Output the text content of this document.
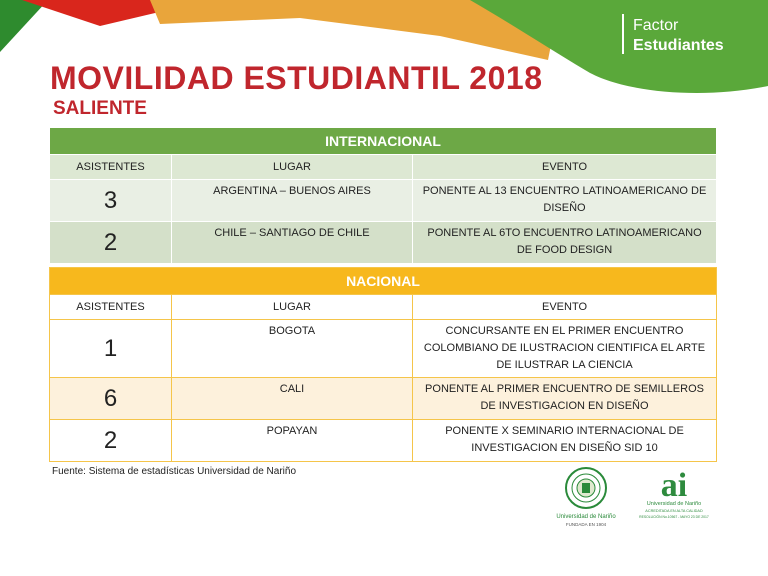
Factor
Estudiantes
MOVILIDAD ESTUDIANTIL 2018
SALIENTE
INTERNACIONAL		
ASISTENTES	LUGAR	EVENTO
3	ARGENTINA – BUENOS AIRES	PONENTE AL 13 ENCUENTRO LATINOAMERICANO DE DISEÑO
2	CHILE – SANTIAGO DE CHILE	PONENTE AL 6TO ENCUENTRO LATINOAMERICANO DE FOOD DESIGN
NACIONAL		
ASISTENTES	LUGAR	EVENTO
1	BOGOTA	CONCURSANTE EN EL PRIMER ENCUENTRO COLOMBIANO DE ILUSTRACION CIENTIFICA EL ARTE DE ILUSTRAR LA CIENCIA
6	CALI	PONENTE AL PRIMER ENCUENTRO DE SEMILLEROS DE INVESTIGACION EN DISEÑO
2	POPAYAN	PONENTE X SEMINARIO INTERNACIONAL DE INVESTIGACION EN DISEÑO SID 10

Fuente: Sistema de estadísticas Universidad de Nariño

Universidad de Nariño
FUNDADA EN 1904
ai
Universidad de Nariño
ACREDITADA EN ALTA CALIDAD
RESOLUCIÓN No.10567 - MAYO 23 DE 2017
